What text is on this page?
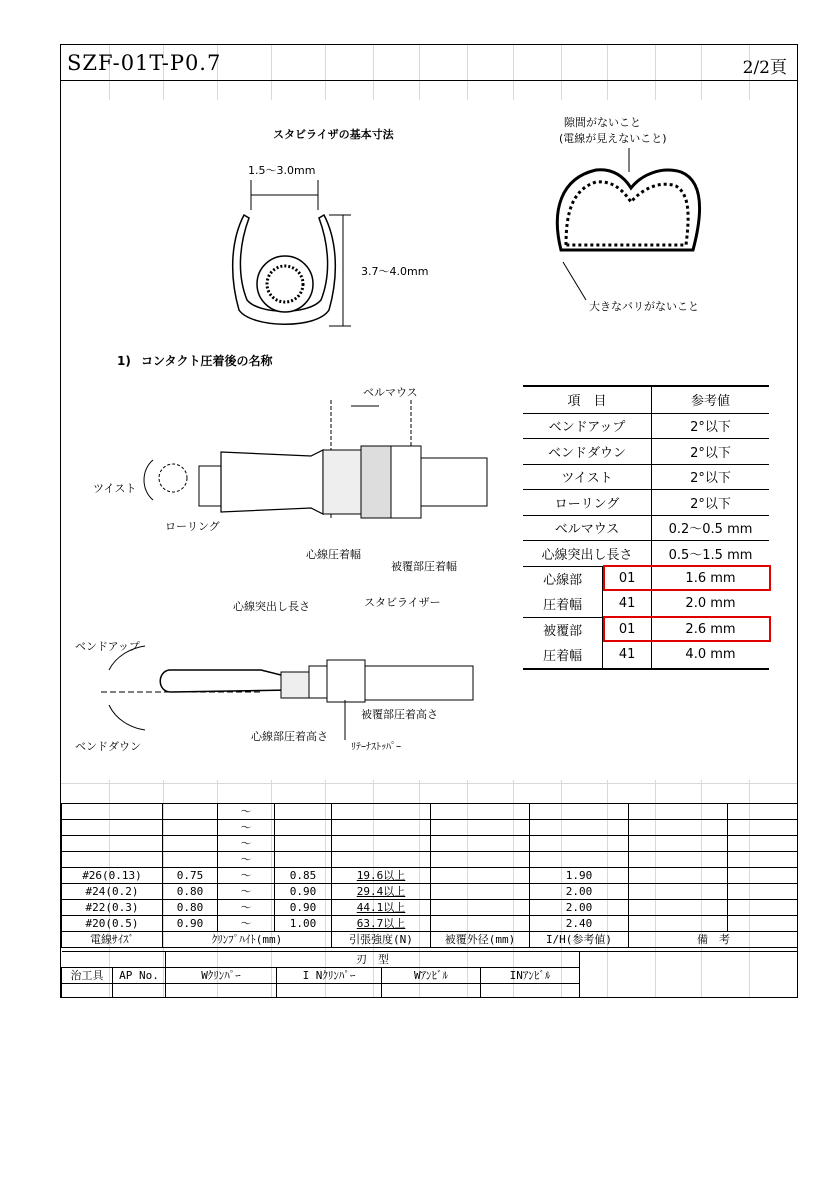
SZF-01T-P0.7	2/2頁
スタビライザの基本寸法
1.5～3.0mm
3.7～4.0mm
隙間がないこと
(電線が見えないこと)
大きなバリがないこと
1) コンタクト圧着後の名称
ベルマウス
ツイスト
ローリング
心線圧着幅
被覆部圧着幅
心線突出し長さ	スタビライザー
ベンドアップ
被覆部圧着高さ
心線部圧着高さ
ベンドダウン	ﾘﾃｰﾅｽﾄｯﾊﾟｰ
項　目	参考値
ベンドアップ	2°以下
ベンドダウン	2°以下
ツイスト	2°以下
ローリング	2°以下
ベルマウス	0.2～0.5 mm
心線突出し長さ	0.5～1.5 mm
心線部	01	1.6 mm
圧着幅	41	2.0 mm
被覆部	01	2.6 mm
圧着幅	41	4.0 mm
		～						
		～						
		～						
		～						
#26(0.13)	0.75	～	0.85	19.6以上		1.90		
#24(0.2)	0.80	～	0.90	29.4以上		2.00		
#22(0.3)	0.80	～	0.90	44.1以上		2.00		
#20(0.5)	0.90	～	1.00	63.7以上		2.40		
電線ｻｲｽﾞ	ｸﾘﾝﾌﾟﾊｲﾄ(mm)			引張強度(N)	被覆外径(mm)	I/H(参考値)	備　考	
		刃　型				
治工具	AP No.	Wｸﾘﾝﾊﾟｰ	I Nｸﾘﾝﾊﾟｰ	Wｱﾝﾋﾞﾙ	INｱﾝﾋﾞﾙ	
